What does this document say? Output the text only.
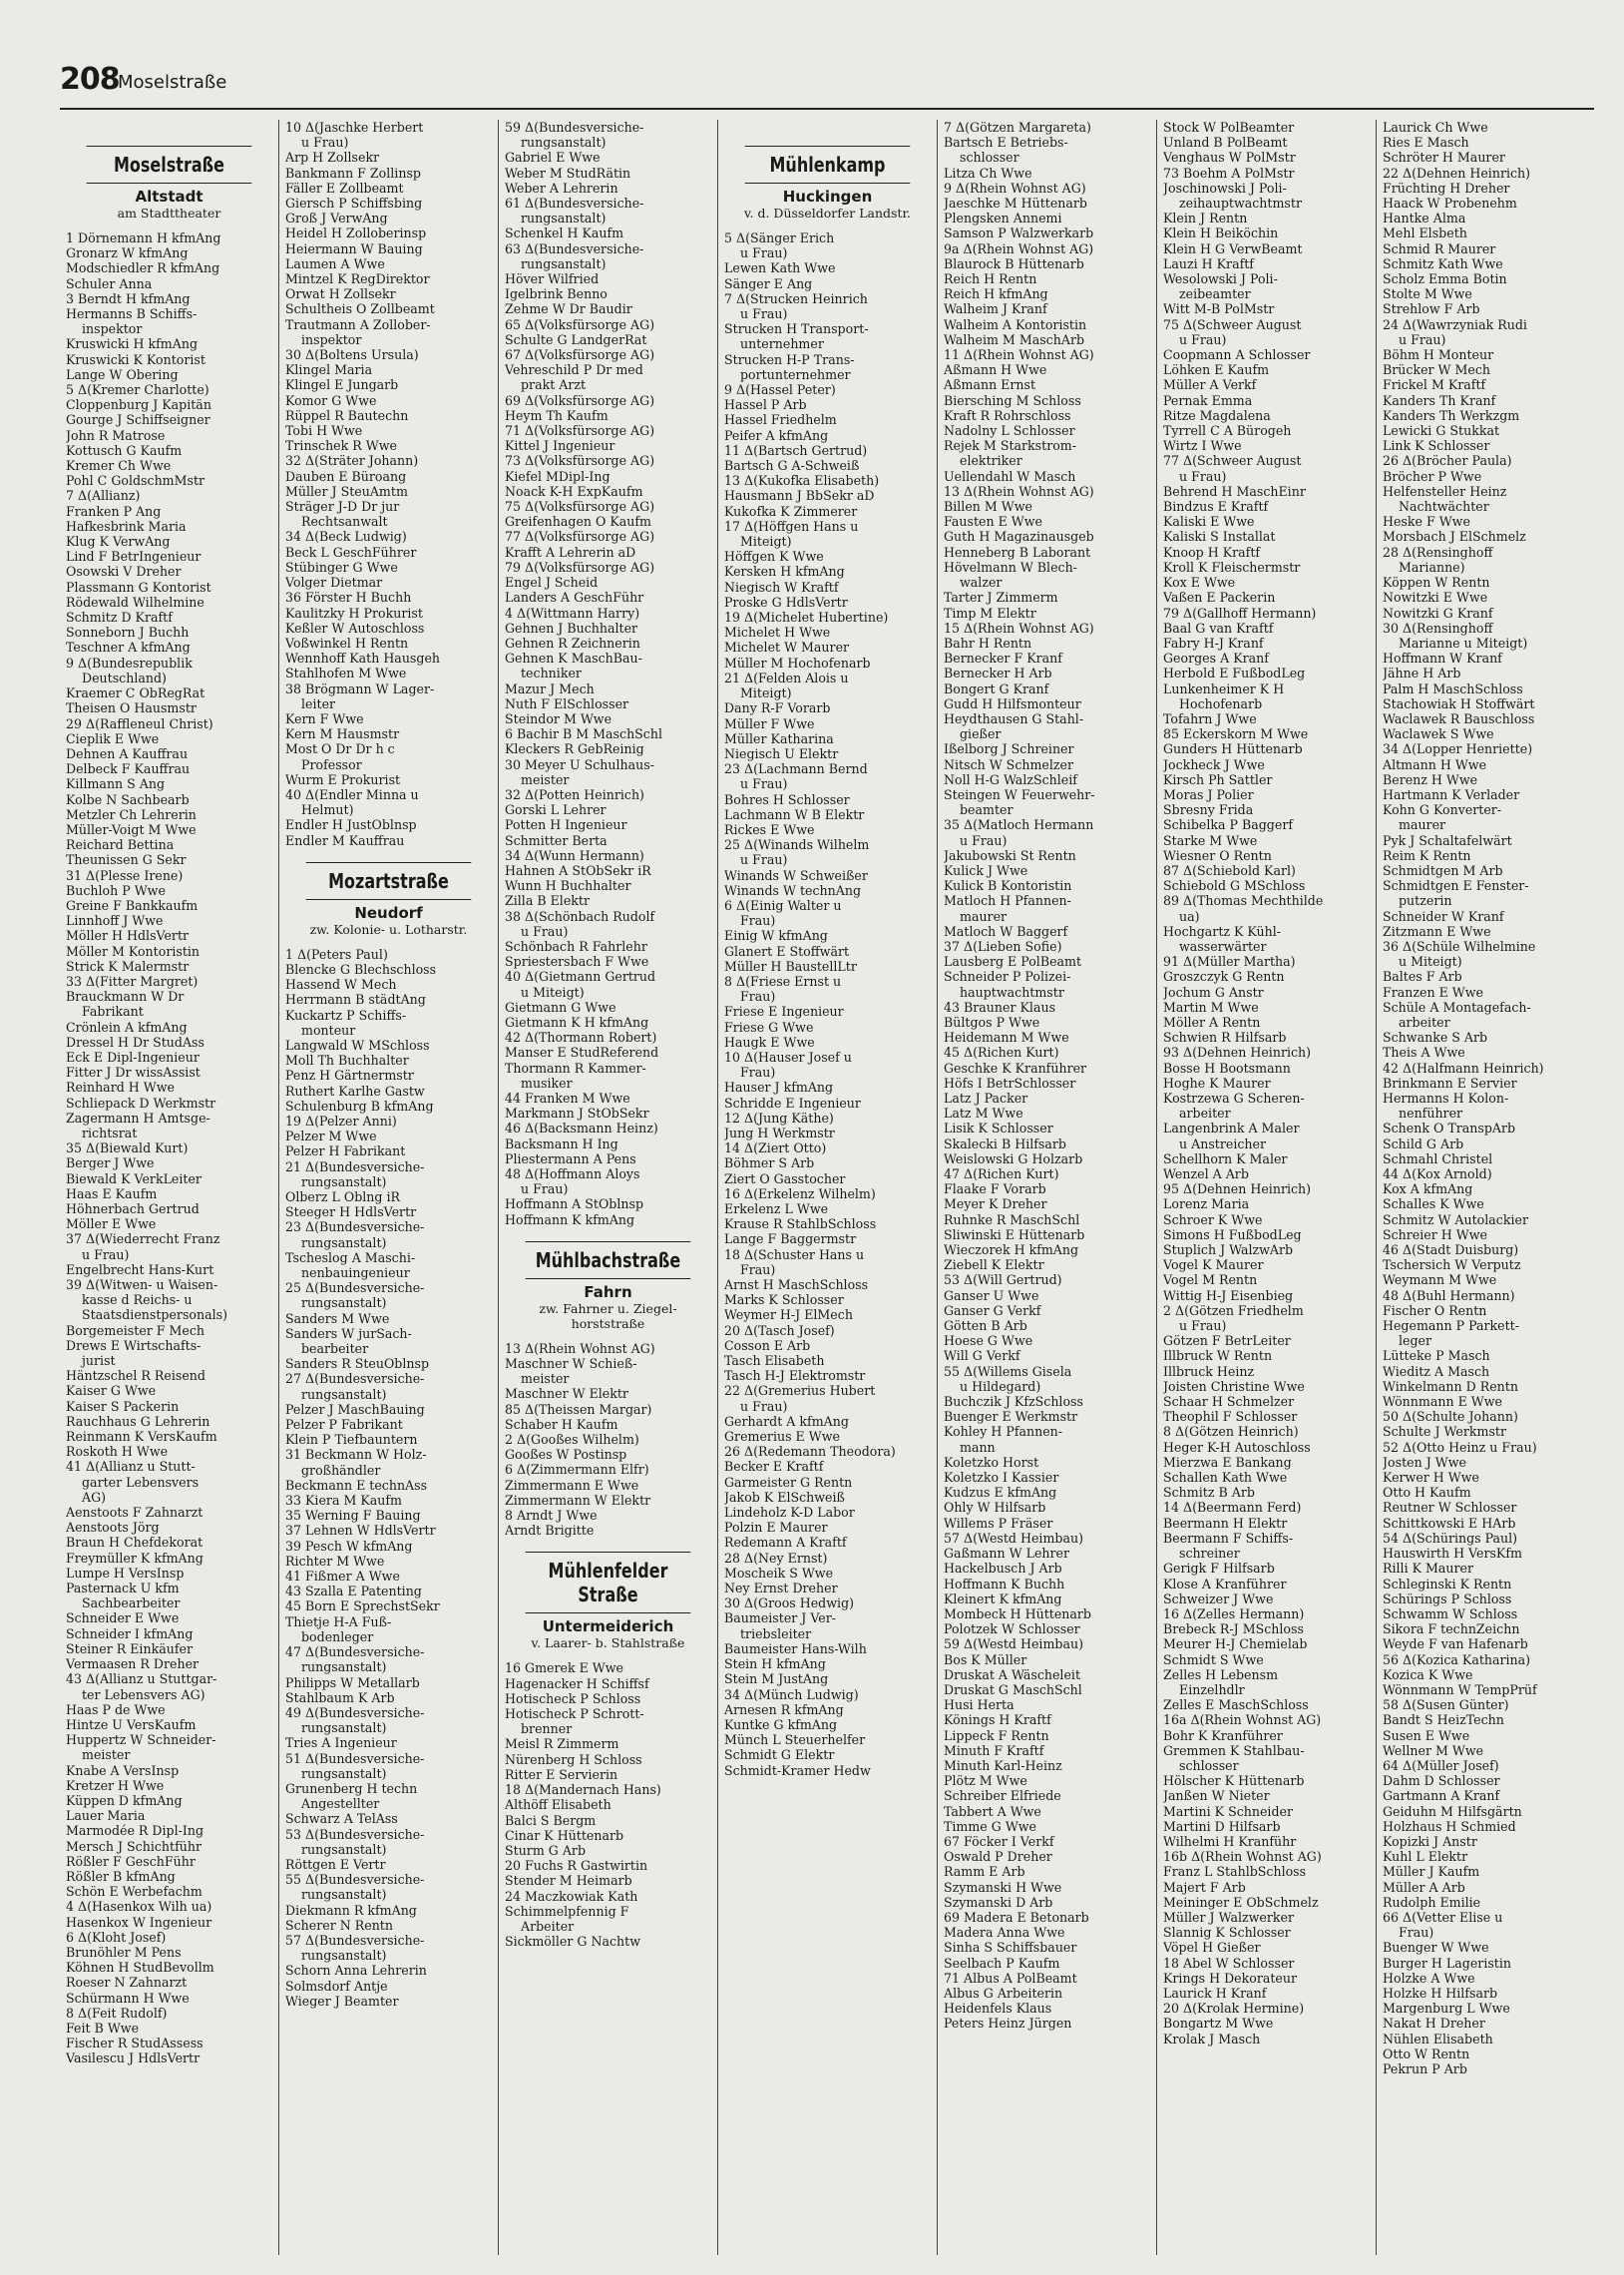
208
Moselstraße
Moselstraße
Altstadt
am Stadttheater
1 Dörnemann H kfmAng
Gronarz W kfmAng
Modschiedler R kfmAng
Schuler Anna
3 Berndt H kfmAng
Hermanns B Schiffs-
inspektor
Kruswicki H kfmAng
Kruswicki K Kontorist
Lange W Obering
5 Δ(Kremer Charlotte)
Cloppenburg J Kapitän
Gourge J Schiffseigner
John R Matrose
Kottusch G Kaufm
Kremer Ch Wwe
Pohl C GoldschmMstr
7 Δ(Allianz)
Franken P Ang
Hafkesbrink Maria
Klug K VerwAng
Lind F BetrIngenieur
Osowski V Dreher
Plassmann G Kontorist
Rödewald Wilhelmine
Schmitz D Kraftf
Sonneborn J Buchh
Teschner A kfmAng
9 Δ(Bundesrepublik
Deutschland)
Kraemer C ObRegRat
Theisen O Hausmstr
29 Δ(Raffleneul Christ)
Cieplik E Wwe
Dehnen A Kauffrau
Delbeck F Kauffrau
Killmann S Ang
Kolbe N Sachbearb
Metzler Ch Lehrerin
Müller-Voigt M Wwe
Reichard Bettina
Theunissen G Sekr
31 Δ(Plesse Irene)
Buchloh P Wwe
Greine F Bankkaufm
Linnhoff J Wwe
Möller H HdlsVertr
Möller M Kontoristin
Strick K Malermstr
33 Δ(Fitter Margret)
Brauckmann W Dr
Fabrikant
Crönlein A kfmAng
Dressel H Dr StudAss
Eck E Dipl-Ingenieur
Fitter J Dr wissAssist
Reinhard H Wwe
Schliepack D Werkmstr
Zagermann H Amtsge-
richtsrat
35 Δ(Biewald Kurt)
Berger J Wwe
Biewald K VerkLeiter
Haas E Kaufm
Höhnerbach Gertrud
Möller E Wwe
37 Δ(Wiederrecht Franz
u Frau)
Engelbrecht Hans-Kurt
39 Δ(Witwen- u Waisen-
kasse d Reichs- u
Staatsdienstpersonals)
Borgemeister F Mech
Drews E Wirtschafts-
jurist
Häntzschel R Reisend
Kaiser G Wwe
Kaiser S Packerin
Rauchhaus G Lehrerin
Reinmann K VersKaufm
Roskoth H Wwe
41 Δ(Allianz u Stutt-
garter Lebensvers
AG)
Aenstoots F Zahnarzt
Aenstoots Jörg
Braun H Chefdekorat
Freymüller K kfmAng
Lumpe H VersInsp
Pasternack U kfm
Sachbearbeiter
Schneider E Wwe
Schneider I kfmAng
Steiner R Einkäufer
Vermaasen R Dreher
43 Δ(Allianz u Stuttgar-
ter Lebensvers AG)
Haas P de Wwe
Hintze U VersKaufm
Huppertz W Schneider-
meister
Knabe A VersInsp
Kretzer H Wwe
Küppen D kfmAng
Lauer Maria
Marmodée R Dipl-Ing
Mersch J Schichtführ
Rößler F GeschFühr
Rößler B kfmAng
Schön E Werbefachm
4 Δ(Hasenkox Wilh ua)
Hasenkox W Ingenieur
6 Δ(Kloht Josef)
Brunöhler M Pens
Köhnen H StudBevollm
Roeser N Zahnarzt
Schürmann H Wwe
8 Δ(Feit Rudolf)
Feit B Wwe
Fischer R StudAssess
Vasilescu J HdlsVertr
10 Δ(Jaschke Herbert
u Frau)
Arp H Zollsekr
Bankmann F Zollinsp
Fäller E Zollbeamt
Giersch P Schiffsbing
Groß J VerwAng
Heidel H Zolloberinsp
Heiermann W Bauing
Laumen A Wwe
Mintzel K RegDirektor
Orwat H Zollsekr
Schultheis O Zollbeamt
Trautmann A Zollober-
inspektor
30 Δ(Boltens Ursula)
Klingel Maria
Klingel E Jungarb
Komor G Wwe
Rüppel R Bautechn
Tobi H Wwe
Trinschek R Wwe
32 Δ(Sträter Johann)
Dauben E Büroang
Müller J SteuAmtm
Sträger J-D Dr jur
Rechtsanwalt
34 Δ(Beck Ludwig)
Beck L GeschFührer
Stübinger G Wwe
Volger Dietmar
36 Förster H Buchh
Kaulitzky H Prokurist
Keßler W Autoschloss
Voßwinkel H Rentn
Wennhoff Kath Hausgeh
Stahlhofen M Wwe
38 Brögmann W Lager-
leiter
Kern F Wwe
Kern M Hausmstr
Most O Dr Dr h c
Professor
Wurm E Prokurist
40 Δ(Endler Minna u
Helmut)
Endler H JustOblnsp
Endler M Kauffrau
Mozartstraße
Neudorf
zw. Kolonie- u. Lotharstr.
1 Δ(Peters Paul)
Blencke G Blechschloss
Hassend W Mech
Herrmann B städtAng
Kuckartz P Schiffs-
monteur
Langwald W MSchloss
Moll Th Buchhalter
Penz H Gärtnermstr
Ruthert Karlhe Gastw
Schulenburg B kfmAng
19 Δ(Pelzer Anni)
Pelzer M Wwe
Pelzer H Fabrikant
21 Δ(Bundesversiche-
rungsanstalt)
Olberz L Oblng iR
Steeger H HdlsVertr
23 Δ(Bundesversiche-
rungsanstalt)
Tscheslog A Maschi-
nenbauingenieur
25 Δ(Bundesversiche-
rungsanstalt)
Sanders M Wwe
Sanders W jurSach-
bearbeiter
Sanders R SteuOblnsp
27 Δ(Bundesversiche-
rungsanstalt)
Pelzer J MaschBauing
Pelzer P Fabrikant
Klein P Tiefbauntern
31 Beckmann W Holz-
großhändler
Beckmann E technAss
33 Kiera M Kaufm
35 Werning F Bauing
37 Lehnen W HdlsVertr
39 Pesch W kfmAng
Richter M Wwe
41 Fißmer A Wwe
43 Szalla E Patenting
45 Born E SprechstSekr
Thietje H-A Fuß-
bodenleger
47 Δ(Bundesversiche-
rungsanstalt)
Philipps W Metallarb
Stahlbaum K Arb
49 Δ(Bundesversiche-
rungsanstalt)
Tries A Ingenieur
51 Δ(Bundesversiche-
rungsanstalt)
Grunenberg H techn
Angestellter
Schwarz A TelAss
53 Δ(Bundesversiche-
rungsanstalt)
Röttgen E Vertr
55 Δ(Bundesversiche-
rungsanstalt)
Diekmann R kfmAng
Scherer N Rentn
57 Δ(Bundesversiche-
rungsanstalt)
Schorn Anna Lehrerin
Solmsdorf Antje
Wieger J Beamter
59 Δ(Bundesversiche-
rungsanstalt)
Gabriel E Wwe
Weber M StudRätin
Weber A Lehrerin
61 Δ(Bundesversiche-
rungsanstalt)
Schenkel H Kaufm
63 Δ(Bundesversiche-
rungsanstalt)
Höver Wilfried
Igelbrink Benno
Zehme W Dr Baudir
65 Δ(Volksfürsorge AG)
Schulte G LandgerRat
67 Δ(Volksfürsorge AG)
Vehreschild P Dr med
prakt Arzt
69 Δ(Volksfürsorge AG)
Heym Th Kaufm
71 Δ(Volksfürsorge AG)
Kittel J Ingenieur
73 Δ(Volksfürsorge AG)
Kiefel MDipl-Ing
Noack K-H ExpKaufm
75 Δ(Volksfürsorge AG)
Greifenhagen O Kaufm
77 Δ(Volksfürsorge AG)
Krafft A Lehrerin aD
79 Δ(Volksfürsorge AG)
Engel J Scheid
Landers A GeschFühr
4 Δ(Wittmann Harry)
Gehnen J Buchhalter
Gehnen R Zeichnerin
Gehnen K MaschBau-
techniker
Mazur J Mech
Nuth F ElSchlosser
Steindor M Wwe
6 Bachir B M MaschSchl
Kleckers R GebReinig
30 Meyer U Schulhaus-
meister
32 Δ(Potten Heinrich)
Gorski L Lehrer
Potten H Ingenieur
Schmitter Berta
34 Δ(Wunn Hermann)
Hahnen A StObSekr iR
Wunn H Buchhalter
Zilla B Elektr
38 Δ(Schönbach Rudolf
u Frau)
Schönbach R Fahrlehr
Spriestersbach F Wwe
40 Δ(Gietmann Gertrud
u Miteigt)
Gietmann G Wwe
Gietmann K H kfmAng
42 Δ(Thormann Robert)
Manser E StudReferend
Thormann R Kammer-
musiker
44 Franken M Wwe
Markmann J StObSekr
46 Δ(Backsmann Heinz)
Backsmann H Ing
Pliestermann A Pens
48 Δ(Hoffmann Aloys
u Frau)
Hoffmann A StOblnsp
Hoffmann K kfmAng
Mühlbachstraße
Fahrn
zw. Fahrner u. Ziegel-
horststraße
13 Δ(Rhein Wohnst AG)
Maschner W Schieß-
meister
Maschner W Elektr
85 Δ(Theissen Margar)
Schaber H Kaufm
2 Δ(Gooßes Wilhelm)
Gooßes W Postinsp
6 Δ(Zimmermann Elfr)
Zimmermann E Wwe
Zimmermann W Elektr
8 Arndt J Wwe
Arndt Brigitte
Mühlenfelder Straße
Untermeiderich
v. Laarer- b. Stahlstraße
16 Gmerek E Wwe
Hagenacker H Schiffsf
Hotischeck P Schloss
Hotischeck P Schrott-
brenner
Meisl R Zimmerm
Nürenberg H Schloss
Ritter E Servierin
18 Δ(Mandernach Hans)
Althöff Elisabeth
Balci S Bergm
Cinar K Hüttenarb
Sturm G Arb
20 Fuchs R Gastwirtin
Stender M Heimarb
24 Maczkowiak Kath
Schimmelpfennig F
Arbeiter
Sickmöller G Nachtw
Mühlenkamp
Huckingen
v. d. Düsseldorfer Landstr.
5 Δ(Sänger Erich
u Frau)
Lewen Kath Wwe
Sänger E Ang
7 Δ(Strucken Heinrich
u Frau)
Strucken H Transport-
unternehmer
Strucken H-P Trans-
portunternehmer
9 Δ(Hassel Peter)
Hassel P Arb
Hassel Friedhelm
Peifer A kfmAng
11 Δ(Bartsch Gertrud)
Bartsch G A-Schweiß
13 Δ(Kukofka Elisabeth)
Hausmann J BbSekr aD
Kukofka K Zimmerer
17 Δ(Höffgen Hans u
Miteigt)
Höffgen K Wwe
Kersken H kfmAng
Niegisch W Kraftf
Proske G HdlsVertr
19 Δ(Michelet Hubertine)
Michelet H Wwe
Michelet W Maurer
Müller M Hochofenarb
21 Δ(Felden Alois u
Miteigt)
Dany R-F Vorarb
Müller F Wwe
Müller Katharina
Niegisch U Elektr
23 Δ(Lachmann Bernd
u Frau)
Bohres H Schlosser
Lachmann W B Elektr
Rickes E Wwe
25 Δ(Winands Wilhelm
u Frau)
Winands W Schweißer
Winands W technAng
6 Δ(Einig Walter u
Frau)
Einig W kfmAng
Glanert E Stoffwärt
Müller H BaustellLtr
8 Δ(Friese Ernst u
Frau)
Friese E Ingenieur
Friese G Wwe
Haugk E Wwe
10 Δ(Hauser Josef u
Frau)
Hauser J kfmAng
Schridde E Ingenieur
12 Δ(Jung Käthe)
Jung H Werkmstr
14 Δ(Ziert Otto)
Böhmer S Arb
Ziert O Gasstocher
16 Δ(Erkelenz Wilhelm)
Erkelenz L Wwe
Krause R StahlbSchloss
Lange F Baggermstr
18 Δ(Schuster Hans u
Frau)
Arnst H MaschSchloss
Marks K Schlosser
Weymer H-J ElMech
20 Δ(Tasch Josef)
Cosson E Arb
Tasch Elisabeth
Tasch H-J Elektromstr
22 Δ(Gremerius Hubert
u Frau)
Gerhardt A kfmAng
Gremerius E Wwe
26 Δ(Redemann Theodora)
Becker E Kraftf
Garmeister G Rentn
Jakob K ElSchweiß
Lindeholz K-D Labor
Polzin E Maurer
Redemann A Kraftf
28 Δ(Ney Ernst)
Moscheik S Wwe
Ney Ernst Dreher
30 Δ(Groos Hedwig)
Baumeister J Ver-
triebsleiter
Baumeister Hans-Wilh
Stein H kfmAng
Stein M JustAng
34 Δ(Münch Ludwig)
Arnesen R kfmAng
Kuntke G kfmAng
Münch L Steuerhelfer
Schmidt G Elektr
Schmidt-Kramer Hedw
7 Δ(Götzen Margareta)
Bartsch E Betriebs-
schlosser
Litza Ch Wwe
9 Δ(Rhein Wohnst AG)
Jaeschke M Hüttenarb
Plengsken Annemi
Samson P Walzwerkarb
9a Δ(Rhein Wohnst AG)
Blaurock B Hüttenarb
Reich H Rentn
Reich H kfmAng
Walheim J Kranf
Walheim A Kontoristin
Walheim M MaschArb
11 Δ(Rhein Wohnst AG)
Aßmann H Wwe
Aßmann Ernst
Biersching M Schloss
Kraft R Rohrschloss
Nadolny L Schlosser
Rejek M Starkstrom-
elektriker
Uellendahl W Masch
13 Δ(Rhein Wohnst AG)
Billen M Wwe
Fausten E Wwe
Guth H Magazinausgeb
Henneberg B Laborant
Hövelmann W Blech-
walzer
Tarter J Zimmerm
Timp M Elektr
15 Δ(Rhein Wohnst AG)
Bahr H Rentn
Bernecker F Kranf
Bernecker H Arb
Bongert G Kranf
Gudd H Hilfsmonteur
Heydthausen G Stahl-
gießer
Ißelborg J Schreiner
Nitsch W Schmelzer
Noll H-G WalzSchleif
Steingen W Feuerwehr-
beamter
35 Δ(Matloch Hermann
u Frau)
Jakubowski St Rentn
Kulick J Wwe
Kulick B Kontoristin
Matloch H Pfannen-
maurer
Matloch W Baggerf
37 Δ(Lieben Sofie)
Lausberg E PolBeamt
Schneider P Polizei-
hauptwachtmstr
43 Brauner Klaus
Bültgos P Wwe
Heidemann M Wwe
45 Δ(Richen Kurt)
Geschke K Kranführer
Höfs I BetrSchlosser
Latz J Packer
Latz M Wwe
Lisik K Schlosser
Skalecki B Hilfsarb
Weislowski G Holzarb
47 Δ(Richen Kurt)
Flaake F Vorarb
Meyer K Dreher
Ruhnke R MaschSchl
Sliwinski E Hüttenarb
Wieczorek H kfmAng
Ziebell K Elektr
53 Δ(Will Gertrud)
Ganser U Wwe
Ganser G Verkf
Götten B Arb
Hoese G Wwe
Will G Verkf
55 Δ(Willems Gisela
u Hildegard)
Buchczik J KfzSchloss
Buenger E Werkmstr
Kohley H Pfannen-
mann
Koletzko Horst
Koletzko I Kassier
Kudzus E kfmAng
Ohly W Hilfsarb
Willems P Fräser
57 Δ(Westd Heimbau)
Gaßmann W Lehrer
Hackelbusch J Arb
Hoffmann K Buchh
Kleinert K kfmAng
Mombeck H Hüttenarb
Polotzek W Schlosser
59 Δ(Westd Heimbau)
Bos K Müller
Druskat A Wäscheleit
Druskat G MaschSchl
Husi Herta
Könings H Kraftf
Lippeck F Rentn
Minuth F Kraftf
Minuth Karl-Heinz
Plötz M Wwe
Schreiber Elfriede
Tabbert A Wwe
Timme G Wwe
67 Föcker I Verkf
Oswald P Dreher
Ramm E Arb
Szymanski H Wwe
Szymanski D Arb
69 Madera E Betonarb
Madera Anna Wwe
Sinha S Schiffsbauer
Seelbach P Kaufm
71 Albus A PolBeamt
Albus G Arbeiterin
Heidenfels Klaus
Peters Heinz Jürgen
Stock W PolBeamter
Unland B PolBeamt
Venghaus W PolMstr
73 Boehm A PolMstr
Joschinowski J Poli-
zeihauptwachtmstr
Klein J Rentn
Klein H Beiköchin
Klein H G VerwBeamt
Lauzi H Kraftf
Wesolowski J Poli-
zeibeamter
Witt M-B PolMstr
75 Δ(Schweer August
u Frau)
Coopmann A Schlosser
Löhken E Kaufm
Müller A Verkf
Pernak Emma
Ritze Magdalena
Tyrrell C A Bürogeh
Wirtz I Wwe
77 Δ(Schweer August
u Frau)
Behrend H MaschEinr
Bindzus E Kraftf
Kaliski E Wwe
Kaliski S Installat
Knoop H Kraftf
Kroll K Fleischermstr
Kox E Wwe
Vaßen E Packerin
79 Δ(Gallhoff Hermann)
Baal G van Kraftf
Fabry H-J Kranf
Georges A Kranf
Herbold E FußbodLeg
Lunkenheimer K H
Hochofenarb
Tofahrn J Wwe
85 Eckerskorn M Wwe
Gunders H Hüttenarb
Jockheck J Wwe
Kirsch Ph Sattler
Moras J Polier
Sbresny Frida
Schibelka P Baggerf
Starke M Wwe
Wiesner O Rentn
87 Δ(Schiebold Karl)
Schiebold G MSchloss
89 Δ(Thomas Mechthilde
ua)
Hochgartz K Kühl-
wasserwärter
91 Δ(Müller Martha)
Groszczyk G Rentn
Jochum G Anstr
Martin M Wwe
Möller A Rentn
Schwien R Hilfsarb
93 Δ(Dehnen Heinrich)
Bosse H Bootsmann
Hoghe K Maurer
Kostrzewa G Scheren-
arbeiter
Langenbrink A Maler
u Anstreicher
Schellhorn K Maler
Wenzel A Arb
95 Δ(Dehnen Heinrich)
Lorenz Maria
Schroer K Wwe
Simons H FußbodLeg
Stuplich J WalzwArb
Vogel K Maurer
Vogel M Rentn
Wittig H-J Eisenbieg
2 Δ(Götzen Friedhelm
u Frau)
Götzen F BetrLeiter
Illbruck W Rentn
Illbruck Heinz
Joisten Christine Wwe
Schaar H Schmelzer
Theophil F Schlosser
8 Δ(Götzen Heinrich)
Heger K-H Autoschloss
Mierzwa E Bankang
Schallen Kath Wwe
Schmitz B Arb
14 Δ(Beermann Ferd)
Beermann H Elektr
Beermann F Schiffs-
schreiner
Gerigk F Hilfsarb
Klose A Kranführer
Schweizer J Wwe
16 Δ(Zelles Hermann)
Brebeck R-J MSchloss
Meurer H-J Chemielab
Schmidt S Wwe
Zelles H Lebensm
Einzelhdlr
Zelles E MaschSchloss
16a Δ(Rhein Wohnst AG)
Bohr K Kranführer
Gremmen K Stahlbau-
schlosser
Hölscher K Hüttenarb
Janßen W Nieter
Martini K Schneider
Martini D Hilfsarb
Wilhelmi H Kranführ
16b Δ(Rhein Wohnst AG)
Franz L StahlbSchloss
Majert F Arb
Meininger E ObSchmelz
Müller J Walzwerker
Slannig K Schlosser
Vöpel H Gießer
18 Abel W Schlosser
Krings H Dekorateur
Laurick H Kranf
20 Δ(Krolak Hermine)
Bongartz M Wwe
Krolak J Masch
Laurick Ch Wwe
Ries E Masch
Schröter H Maurer
22 Δ(Dehnen Heinrich)
Früchting H Dreher
Haack W Probenehm
Hantke Alma
Mehl Elsbeth
Schmid R Maurer
Schmitz Kath Wwe
Scholz Emma Botin
Stolte M Wwe
Strehlow F Arb
24 Δ(Wawrzyniak Rudi
u Frau)
Böhm H Monteur
Brücker W Mech
Frickel M Kraftf
Kanders Th Kranf
Kanders Th Werkzgm
Lewicki G Stukkat
Link K Schlosser
26 Δ(Bröcher Paula)
Bröcher P Wwe
Helfensteller Heinz
Nachtwächter
Heske F Wwe
Morsbach J ElSchmelz
28 Δ(Rensinghoff
Marianne)
Köppen W Rentn
Nowitzki E Wwe
Nowitzki G Kranf
30 Δ(Rensinghoff
Marianne u Miteigt)
Hoffmann W Kranf
Jähne H Arb
Palm H MaschSchloss
Stachowiak H Stoffwärt
Waclawek R Bauschloss
Waclawek S Wwe
34 Δ(Lopper Henriette)
Altmann H Wwe
Berenz H Wwe
Hartmann K Verlader
Kohn G Konverter-
maurer
Pyk J Schaltafelwärt
Reim K Rentn
Schmidtgen M Arb
Schmidtgen E Fenster-
putzerin
Schneider W Kranf
Zitzmann E Wwe
36 Δ(Schüle Wilhelmine
u Miteigt)
Baltes F Arb
Franzen E Wwe
Schüle A Montagefach-
arbeiter
Schwanke S Arb
Theis A Wwe
42 Δ(Halfmann Heinrich)
Brinkmann E Servier
Hermanns H Kolon-
nenführer
Schenk O TranspArb
Schild G Arb
Schmahl Christel
44 Δ(Kox Arnold)
Kox A kfmAng
Schalles K Wwe
Schmitz W Autolackier
Schreier H Wwe
46 Δ(Stadt Duisburg)
Tschersich W Verputz
Weymann M Wwe
48 Δ(Buhl Hermann)
Fischer O Rentn
Hegemann P Parkett-
leger
Lütteke P Masch
Wieditz A Masch
Winkelmann D Rentn
Wönnmann E Wwe
50 Δ(Schulte Johann)
Schulte J Werkmstr
52 Δ(Otto Heinz u Frau)
Josten J Wwe
Kerwer H Wwe
Otto H Kaufm
Reutner W Schlosser
Schittkowski E HArb
54 Δ(Schürings Paul)
Hauswirth H VersKfm
Rilli K Maurer
Schleginski K Rentn
Schürings P Schloss
Schwamm W Schloss
Sikora F technZeichn
Weyde F van Hafenarb
56 Δ(Kozica Katharina)
Kozica K Wwe
Wönnmann W TempPrüf
58 Δ(Susen Günter)
Bandt S HeizTechn
Susen E Wwe
Wellner M Wwe
64 Δ(Müller Josef)
Dahm D Schlosser
Gartmann A Kranf
Geiduhn M Hilfsgärtn
Holzhaus H Schmied
Kopizki J Anstr
Kuhl L Elektr
Müller J Kaufm
Müller A Arb
Rudolph Emilie
66 Δ(Vetter Elise u
Frau)
Buenger W Wwe
Burger H Lageristin
Holzke A Wwe
Holzke H Hilfsarb
Margenburg L Wwe
Nakat H Dreher
Nühlen Elisabeth
Otto W Rentn
Pekrun P Arb
